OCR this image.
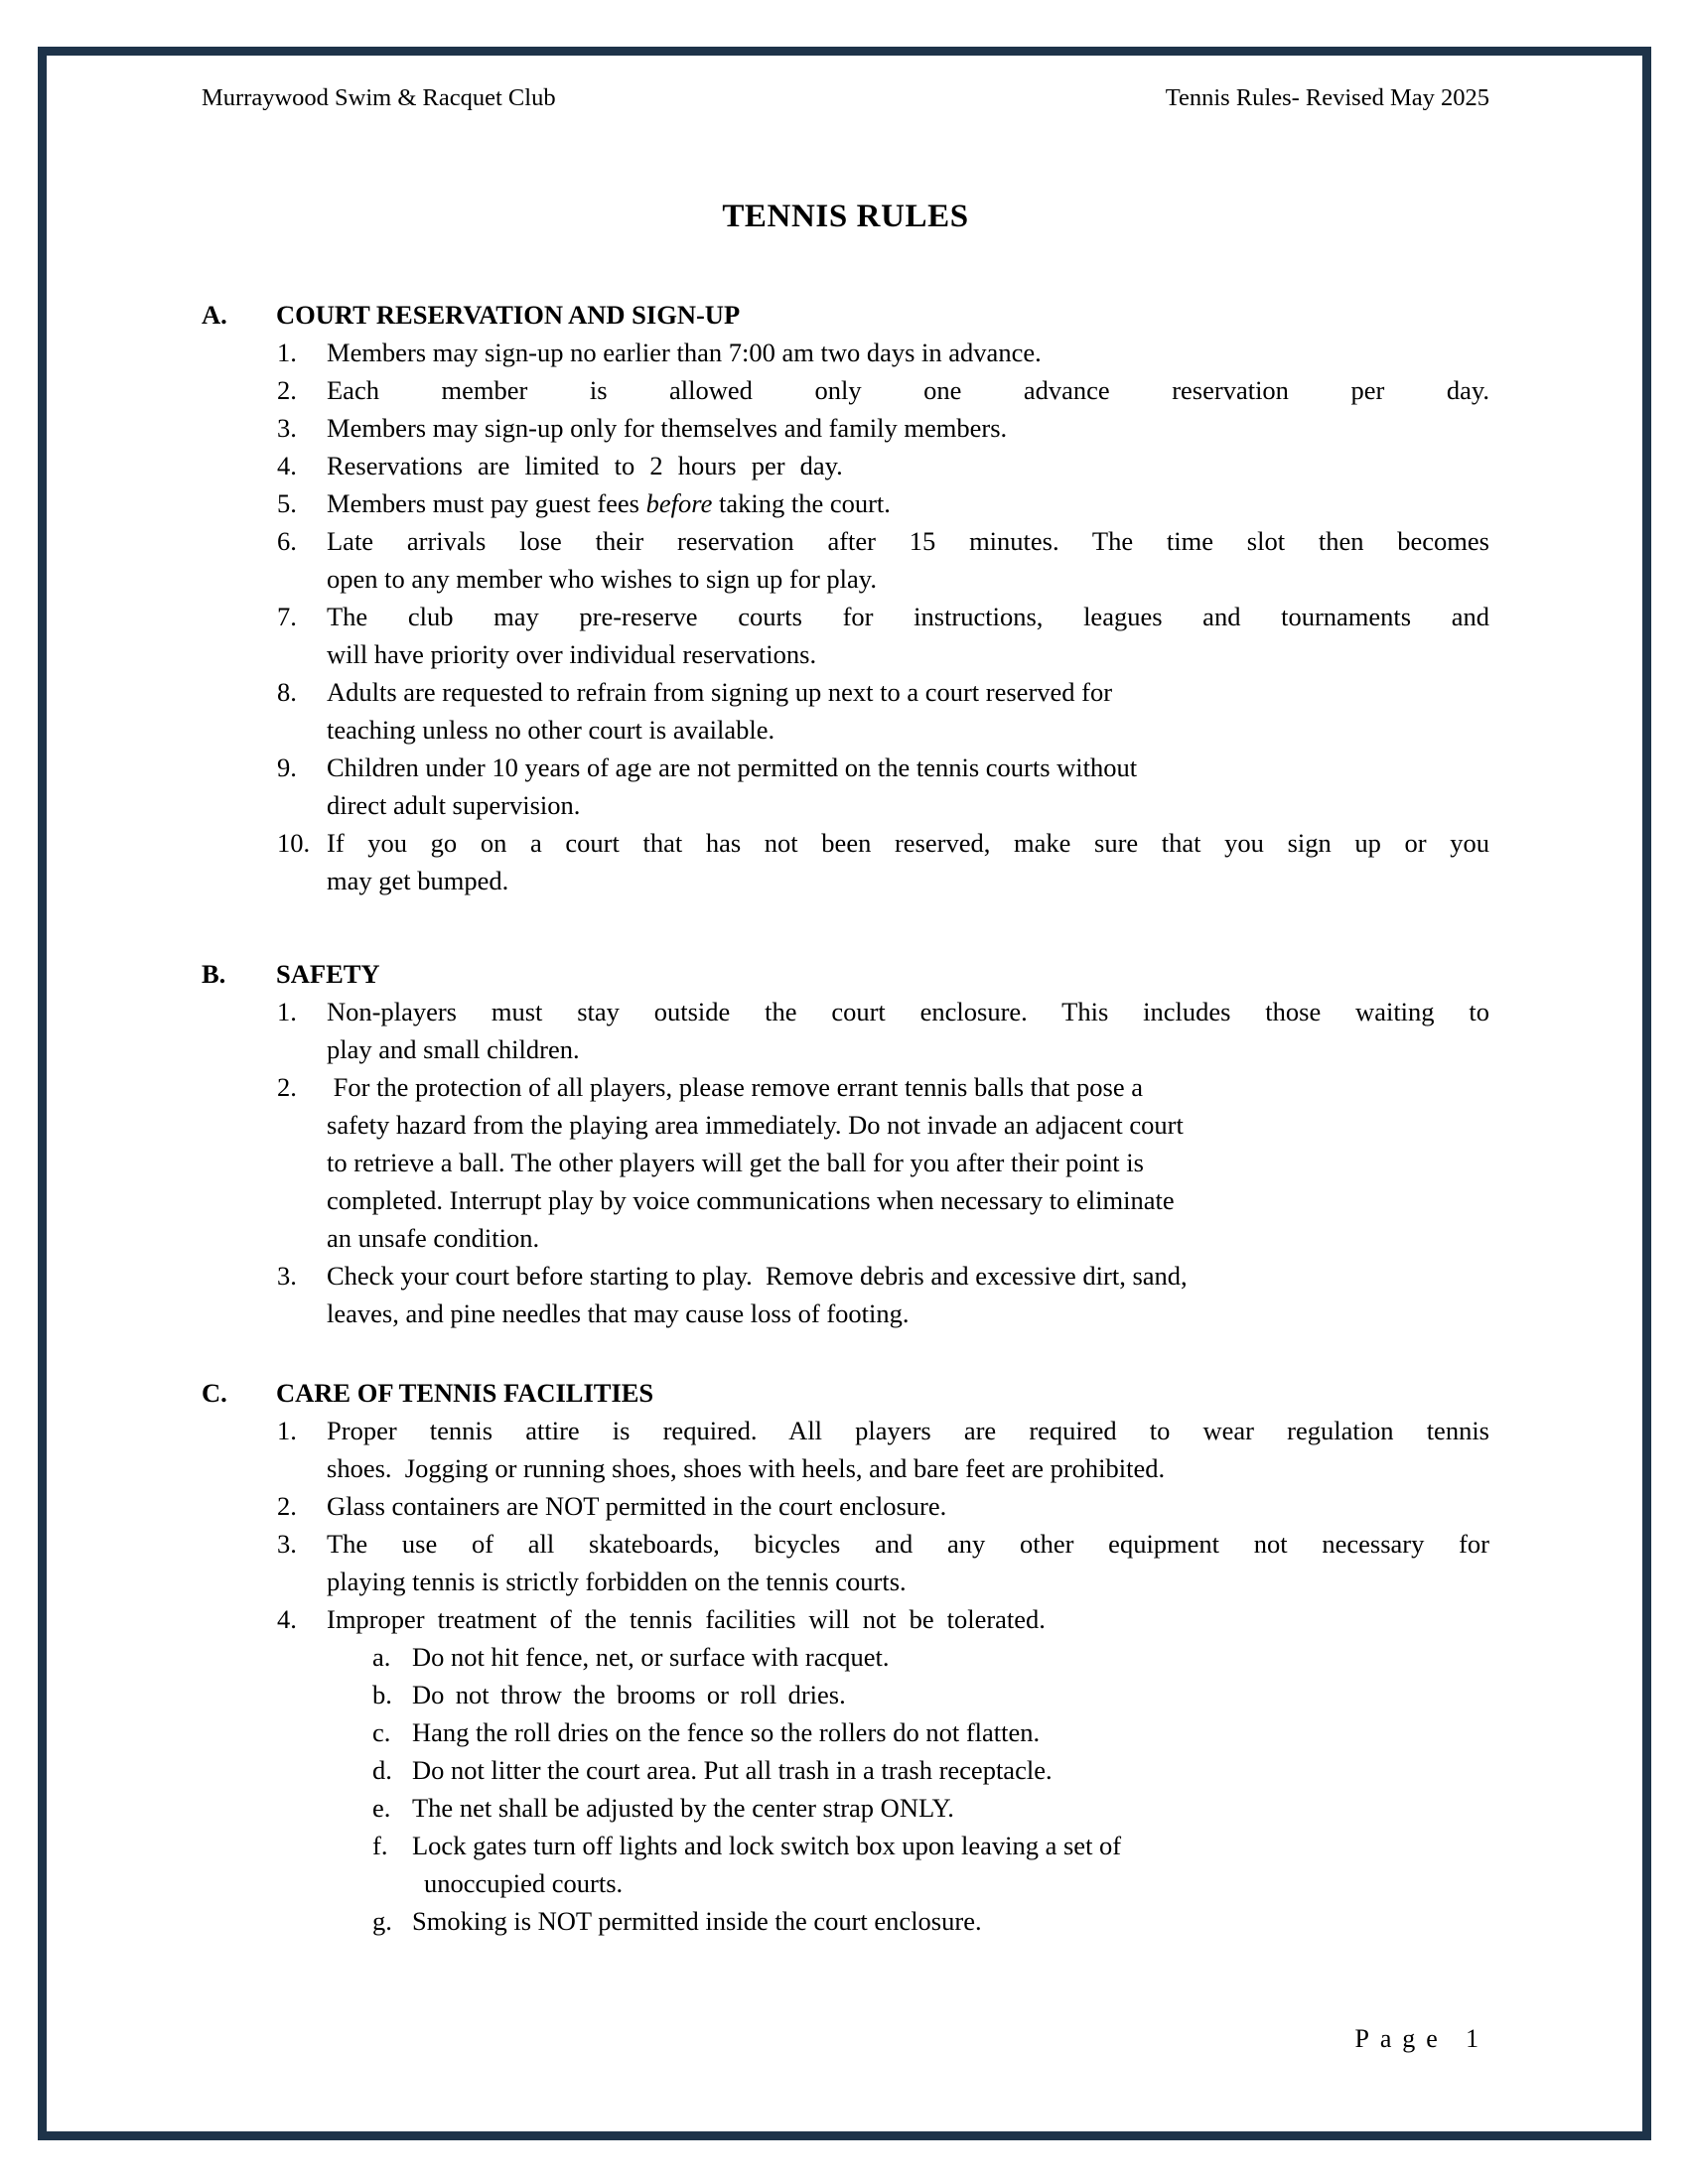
Murraywood Swim & Racquet Club	Tennis Rules- Revised May 2025
TENNIS RULES
A. COURT RESERVATION AND SIGN-UP
1. Members may sign-up no earlier than 7:00 am two days in advance.
2. Each member is allowed only one advance reservation per day.
3. Members may sign-up only for themselves and family members.
4. Reservations are limited to 2 hours per day.
5. Members must pay guest fees before taking the court.
6. Late arrivals lose their reservation after 15 minutes. The time slot then becomes
open to any member who wishes to sign up for play.
7. The club may pre-reserve courts for instructions, leagues and tournaments and
will have priority over individual reservations.
8. Adults are requested to refrain from signing up next to a court reserved for
teaching unless no other court is available.
9. Children under 10 years of age are not permitted on the tennis courts without
direct adult supervision.
10. If you go on a court that has not been reserved, make sure that you sign up or you
may get bumped.
B. SAFETY
1. Non-players must stay outside the court enclosure. This includes those waiting to
play and small children.
2. For the protection of all players, please remove errant tennis balls that pose a
safety hazard from the playing area immediately. Do not invade an adjacent court
to retrieve a ball. The other players will get the ball for you after their point is
completed. Interrupt play by voice communications when necessary to eliminate
an unsafe condition.
3. Check your court before starting to play.  Remove debris and excessive dirt, sand,
leaves, and pine needles that may cause loss of footing.
C. CARE OF TENNIS FACILITIES
1. Proper tennis attire is required. All players are required to wear regulation tennis
shoes.  Jogging or running shoes, shoes with heels, and bare feet are prohibited.
2. Glass containers are NOT permitted in the court enclosure.
3. The use of all skateboards, bicycles and any other equipment not necessary for
playing tennis is strictly forbidden on the tennis courts.
4. Improper treatment of the tennis facilities will not be tolerated.
a. Do not hit fence, net, or surface with racquet.
b. Do not throw the brooms or roll dries.
c. Hang the roll dries on the fence so the rollers do not flatten.
d. Do not litter the court area. Put all trash in a trash receptacle.
e. The net shall be adjusted by the center strap ONLY.
f. Lock gates turn off lights and lock switch box upon leaving a set of
unoccupied courts.
g. Smoking is NOT permitted inside the court enclosure.
Page 1
